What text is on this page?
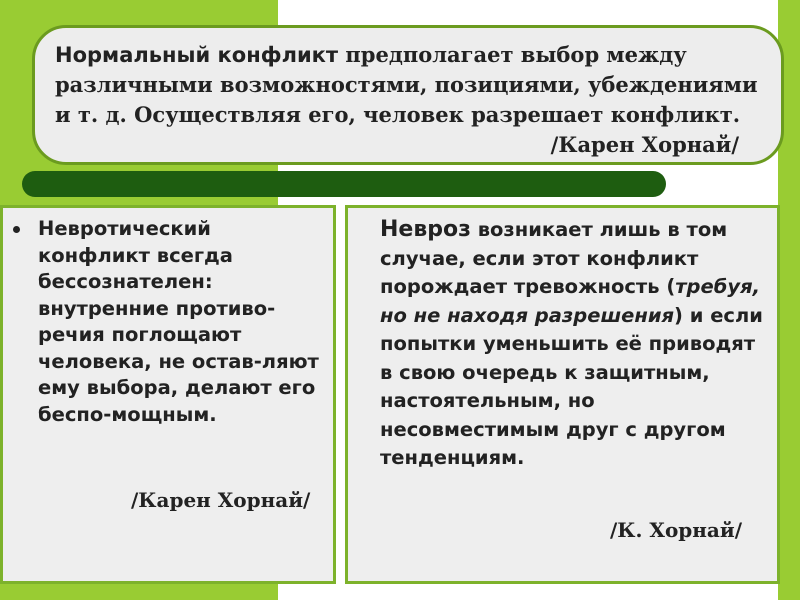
Нормальный конфликт предполагает выбор между различными возможностями, позициями, убеждениями и т. д. Осуществляя его, человек разрешает конфликт.
/Карен Хорнай/
Невротический конфликт всегда бессознателен: внутренние противо-речия поглощают человека, не остав-ляют ему выбора, делают его беспо-мощным.
/Карен Хорнай/
Невроз возникает лишь в том случае, если этот конфликт порождает тревожность (требуя, но не находя разрешения) и если попытки уменьшить её приводят в свою очередь к защитным, настоятельным, но несовместимым друг с другом тенденциям.
/К. Хорнай/
